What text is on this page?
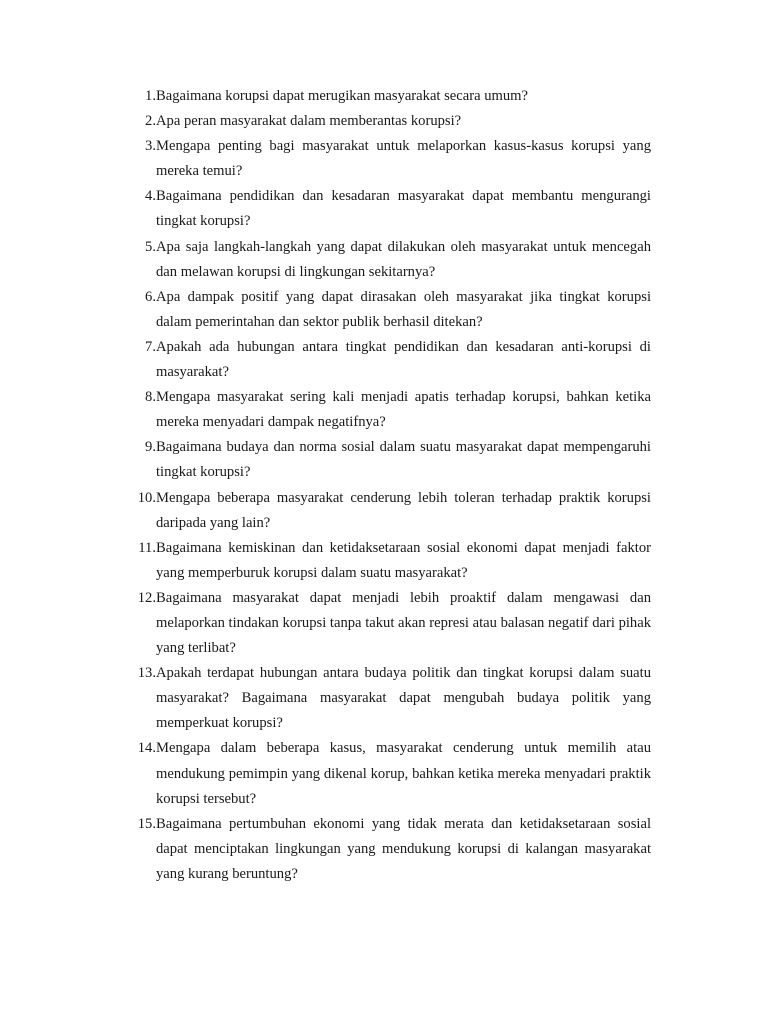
1. Bagaimana korupsi dapat merugikan masyarakat secara umum?
2. Apa peran masyarakat dalam memberantas korupsi?
3. Mengapa penting bagi masyarakat untuk melaporkan kasus-kasus korupsi yang mereka temui?
4. Bagaimana pendidikan dan kesadaran masyarakat dapat membantu mengurangi tingkat korupsi?
5. Apa saja langkah-langkah yang dapat dilakukan oleh masyarakat untuk mencegah dan melawan korupsi di lingkungan sekitarnya?
6. Apa dampak positif yang dapat dirasakan oleh masyarakat jika tingkat korupsi dalam pemerintahan dan sektor publik berhasil ditekan?
7. Apakah ada hubungan antara tingkat pendidikan dan kesadaran anti-korupsi di masyarakat?
8. Mengapa masyarakat sering kali menjadi apatis terhadap korupsi, bahkan ketika mereka menyadari dampak negatifnya?
9. Bagaimana budaya dan norma sosial dalam suatu masyarakat dapat mempengaruhi tingkat korupsi?
10. Mengapa beberapa masyarakat cenderung lebih toleran terhadap praktik korupsi daripada yang lain?
11. Bagaimana kemiskinan dan ketidaksetaraan sosial ekonomi dapat menjadi faktor yang memperburuk korupsi dalam suatu masyarakat?
12. Bagaimana masyarakat dapat menjadi lebih proaktif dalam mengawasi dan melaporkan tindakan korupsi tanpa takut akan represi atau balasan negatif dari pihak yang terlibat?
13. Apakah terdapat hubungan antara budaya politik dan tingkat korupsi dalam suatu masyarakat? Bagaimana masyarakat dapat mengubah budaya politik yang memperkuat korupsi?
14. Mengapa dalam beberapa kasus, masyarakat cenderung untuk memilih atau mendukung pemimpin yang dikenal korup, bahkan ketika mereka menyadari praktik korupsi tersebut?
15. Bagaimana pertumbuhan ekonomi yang tidak merata dan ketidaksetaraan sosial dapat menciptakan lingkungan yang mendukung korupsi di kalangan masyarakat yang kurang beruntung?
